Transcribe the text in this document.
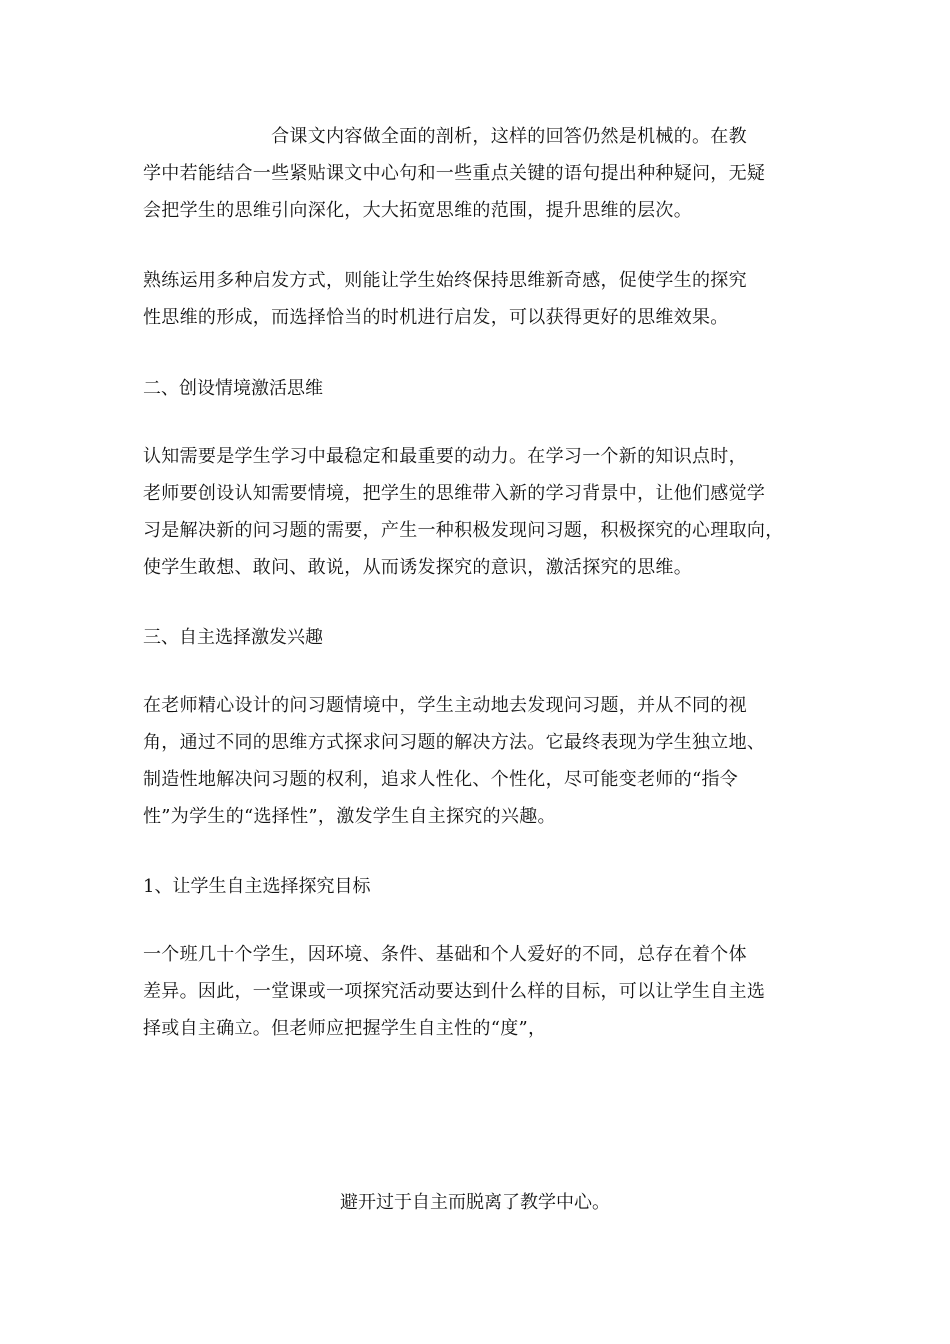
　　　　　　　合课文内容做全面的剖析，这样的回答仍然是机械的。在教
学中若能结合一些紧贴课文中心句和一些重点关键的语句提出种种疑问，无疑
会把学生的思维引向深化，大大拓宽思维的范围，提升思维的层次。
熟练运用多种启发方式，则能让学生始终保持思维新奇感，促使学生的探究
性思维的形成，而选择恰当的时机进行启发，可以获得更好的思维效果。
二、创设情境激活思维
认知需要是学生学习中最稳定和最重要的动力。在学习一个新的知识点时，
老师要创设认知需要情境，把学生的思维带入新的学习背景中，让他们感觉学
习是解决新的问习题的需要，产生一种积极发现问习题，积极探究的心理取向，
使学生敢想、敢问、敢说，从而诱发探究的意识，激活探究的思维。
三、自主选择激发兴趣
在老师精心设计的问习题情境中，学生主动地去发现问习题，并从不同的视
角，通过不同的思维方式探求问习题的解决方法。它最终表现为学生独立地、
制造性地解决问习题的权利，追求人性化、个性化，尽可能变老师的“指令
性”为学生的“选择性”，激发学生自主探究的兴趣。
1、让学生自主选择探究目标
一个班几十个学生，因环境、条件、基础和个人爱好的不同，总存在着个体
差异。因此，一堂课或一项探究活动要达到什么样的目标，可以让学生自主选
择或自主确立。但老师应把握学生自主性的“度”，
避开过于自主而脱离了教学中心。
